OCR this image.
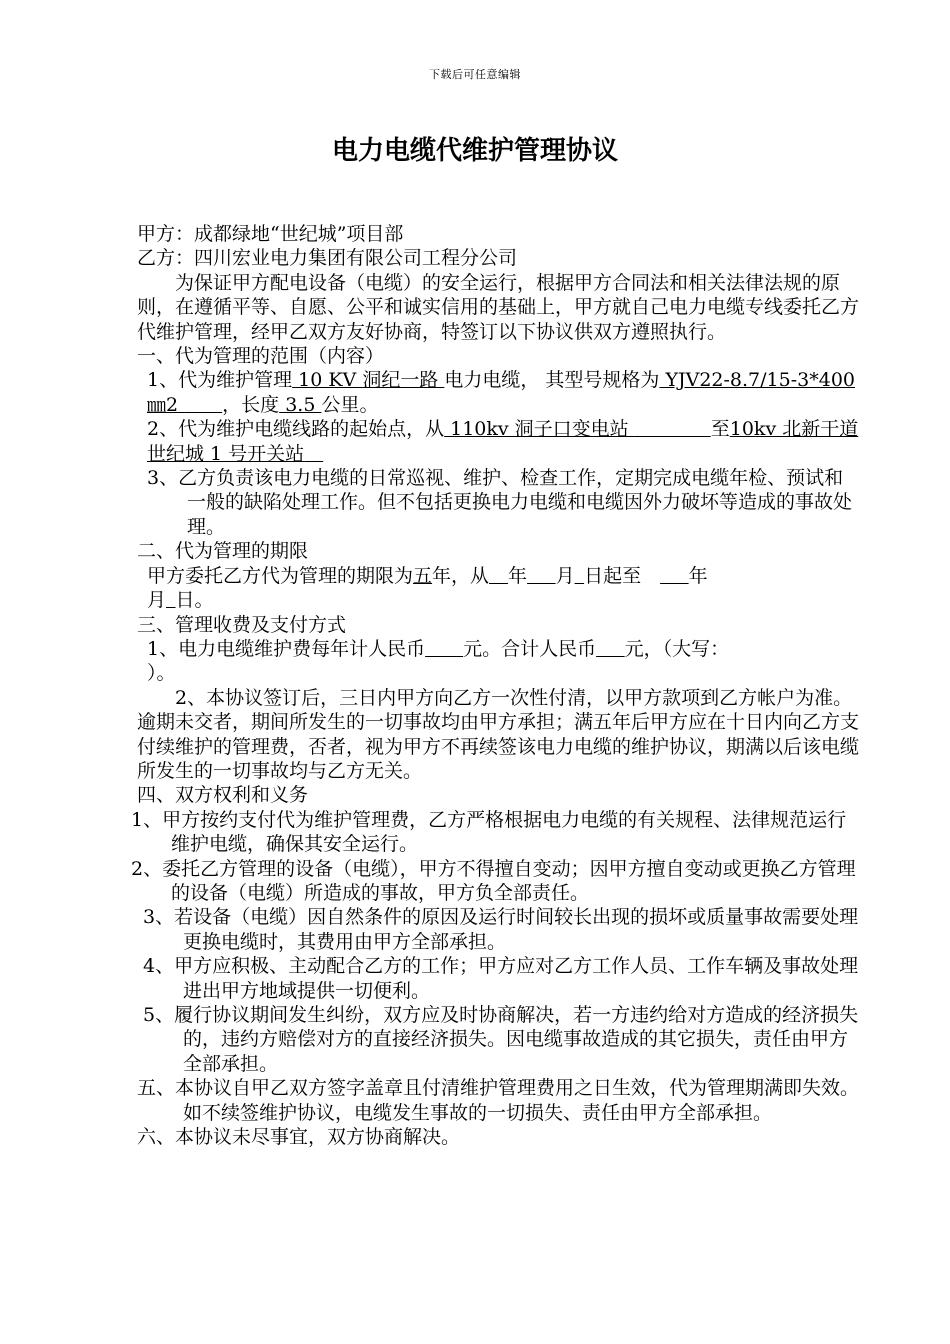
下载后可任意编辑
电力电缆代维护管理协议

甲方：成都绿地“世纪城”项目部

乙方：四川宏业电力集团有限公司工程分公司

为保证甲方配电设备（电缆）的安全运行，根据甲方合同法和相关法律法规的原则，在遵循平等、自愿、公平和诚实信用的基础上，甲方就自己电力电缆专线委托乙方代维护管理，经甲乙双方友好协商，特签订以下协议供双方遵照执行。

一、代为管理的范围（内容）

1、代为维护管理 10 KV 洞纪一路 电力电缆， 其型号规格为 YJV22-8.7/15-3*400㎜2   ，长度 3.5 公里。

2、代为维护电缆线路的起始点，从 110kv 洞子口变电站     	至10kv 北新干道世纪城 1 号开关站 

3、乙方负责该电力电缆的日常巡视、维护、检查工作，定期完成电缆年检、预试和一般的缺陷处理工作。但不包括更换电力电缆和电缆因外力破坏等造成的事故处理。

二、代为管理的期限

甲方委托乙方代为管理的期限为五年，从  年   月  日起至   	年
月  日。

三、管理收费及支付方式

1、电力电缆维护费每年计人民币   元。合计人民币   元，（大写：
）。

2、本协议签订后，三日内甲方向乙方一次性付清，以甲方款项到乙方帐户为准。逾期未交者，期间所发生的一切事故均由甲方承担；满五年后甲方应在十日内向乙方支付续维护的管理费，否者，视为甲方不再续签该电力电缆的维护协议，期满以后该电缆所发生的一切事故均与乙方无关。

四、双方权利和义务

1、甲方按约支付代为维护管理费，乙方严格根据电力电缆的有关规程、法律规范运行维护电缆，确保其安全运行。

2、委托乙方管理的设备（电缆），甲方不得擅自变动；因甲方擅自变动或更换乙方管理的设备（电缆）所造成的事故，甲方负全部责任。

3、若设备（电缆）因自然条件的原因及运行时间较长出现的损坏或质量事故需要处理更换电缆时，其费用由甲方全部承担。

4、甲方应积极、主动配合乙方的工作；甲方应对乙方工作人员、工作车辆及事故处理进出甲方地域提供一切便利。

5、履行协议期间发生纠纷，双方应及时协商解决，若一方违约给对方造成的经济损失的，违约方赔偿对方的直接经济损失。因电缆事故造成的其它损失，责任由甲方全部承担。

五、本协议自甲乙双方签字盖章且付清维护管理费用之日生效，代为管理期满即失效。如不续签维护协议，电缆发生事故的一切损失、责任由甲方全部承担。

六、本协议未尽事宜，双方协商解决。
